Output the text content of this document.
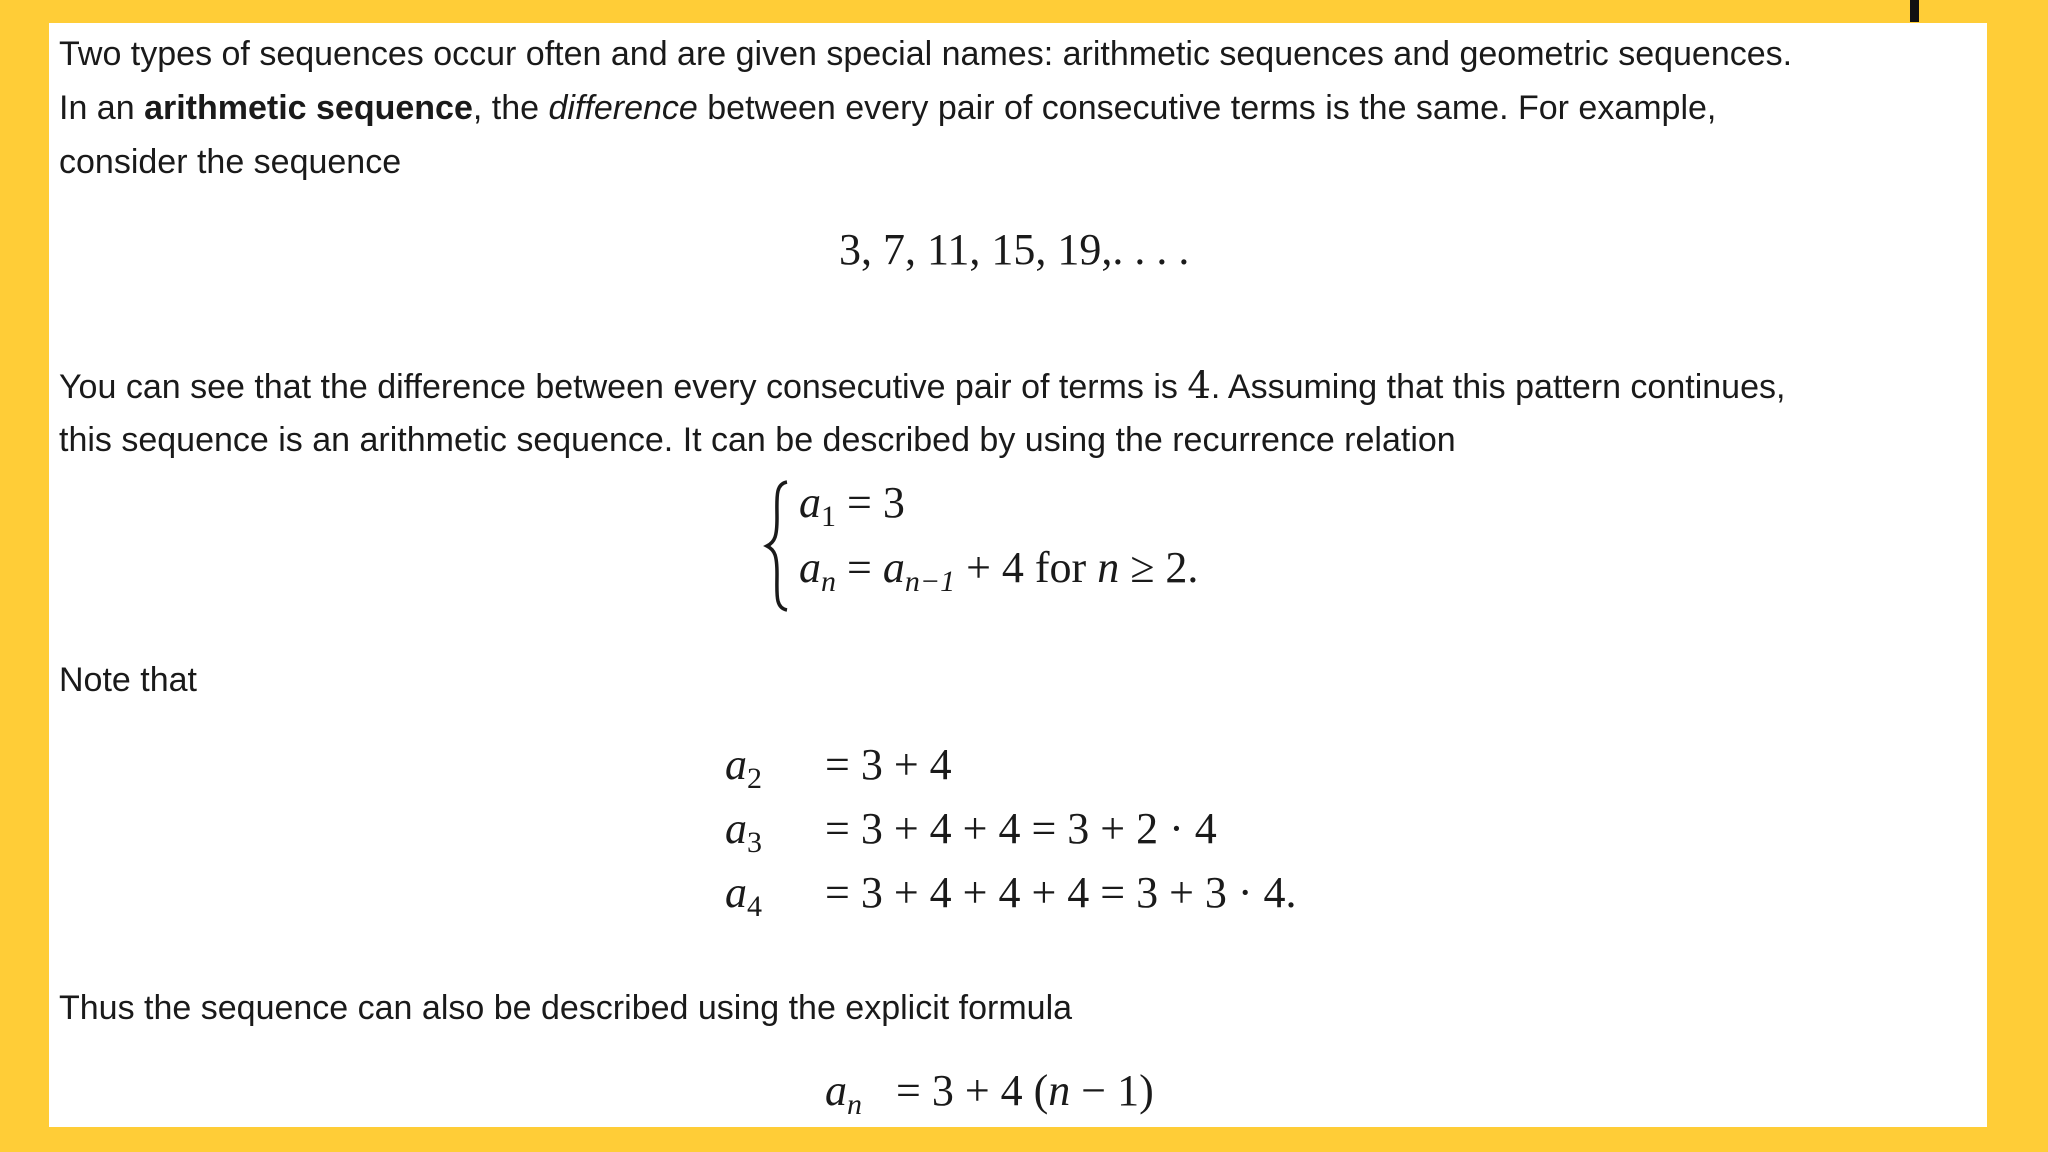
Two types of sequences occur often and are given special names: arithmetic sequences and geometric sequences.

In an arithmetic sequence, the difference between every pair of consecutive terms is the same. For example,

consider the sequence

3, 7, 11, 15, 19,. . . .

You can see that the difference between every consecutive pair of terms is 4. Assuming that this pattern continues,

this sequence is an arithmetic sequence. It can be described by using the recurrence relation

$a_1 = 3$
$a_n = a_{n-1} + 4$ for n ≥ 2.

Note that

$a_2 = 3 + 4$
$a_3 = 3 + 4 + 4 = 3 + 2 \cdot 4$
$a_4 = 3 + 4 + 4 + 4 = 3 + 3 \cdot 4$.

Thus the sequence can also be described using the explicit formula

$a_n = 3 + 4$ (n − 1)
